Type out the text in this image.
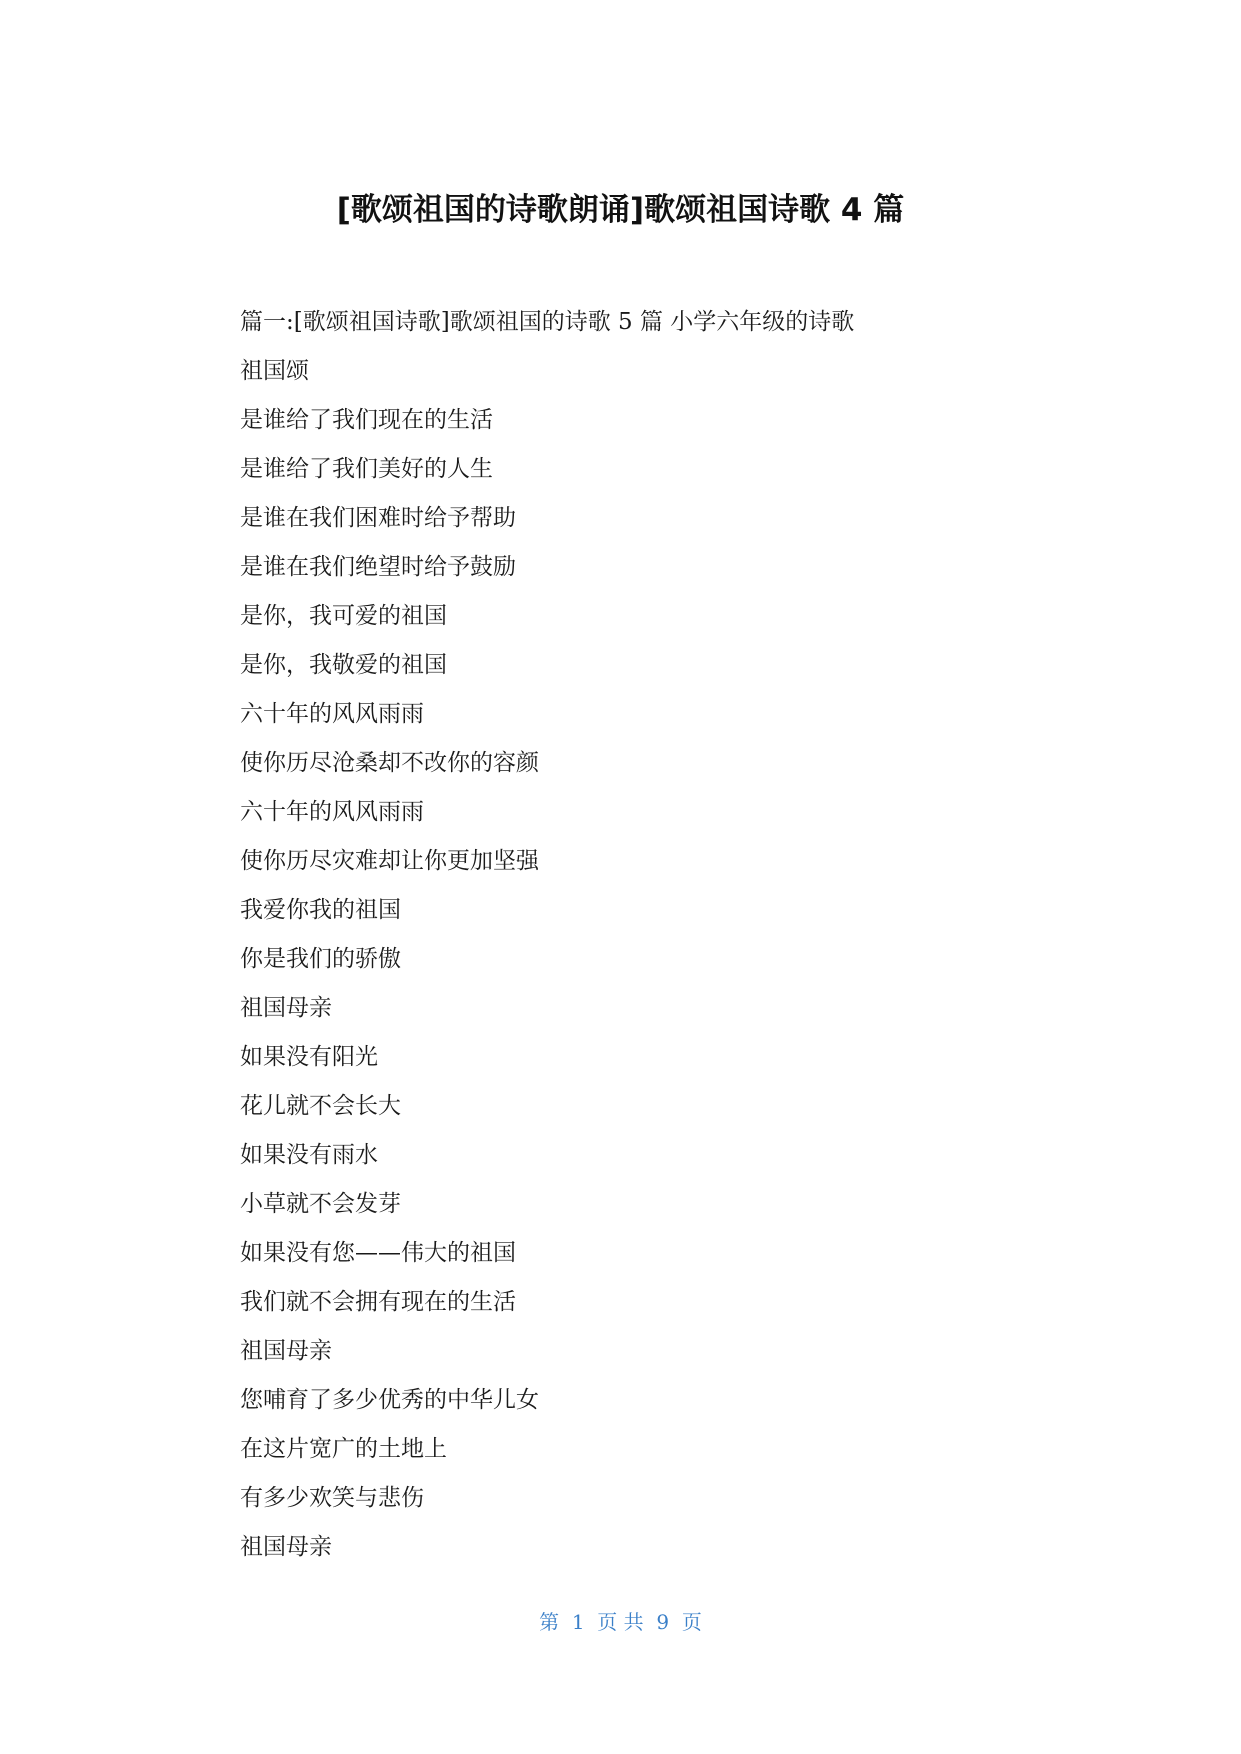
[歌颂祖国的诗歌朗诵]歌颂祖国诗歌 4 篇

篇一:[歌颂祖国诗歌]歌颂祖国的诗歌 5 篇 小学六年级的诗歌

祖国颂

是谁给了我们现在的生活

是谁给了我们美好的人生

是谁在我们困难时给予帮助

是谁在我们绝望时给予鼓励

是你，我可爱的祖国

是你，我敬爱的祖国

六十年的风风雨雨

使你历尽沧桑却不改你的容颜

六十年的风风雨雨

使你历尽灾难却让你更加坚强

我爱你我的祖国

你是我们的骄傲

祖国母亲

如果没有阳光

花儿就不会长大

如果没有雨水

小草就不会发芽

如果没有您——伟大的祖国

我们就不会拥有现在的生活

祖国母亲

您哺育了多少优秀的中华儿女

在这片宽广的土地上

有多少欢笑与悲伤

祖国母亲

第  1  页 共  9  页
